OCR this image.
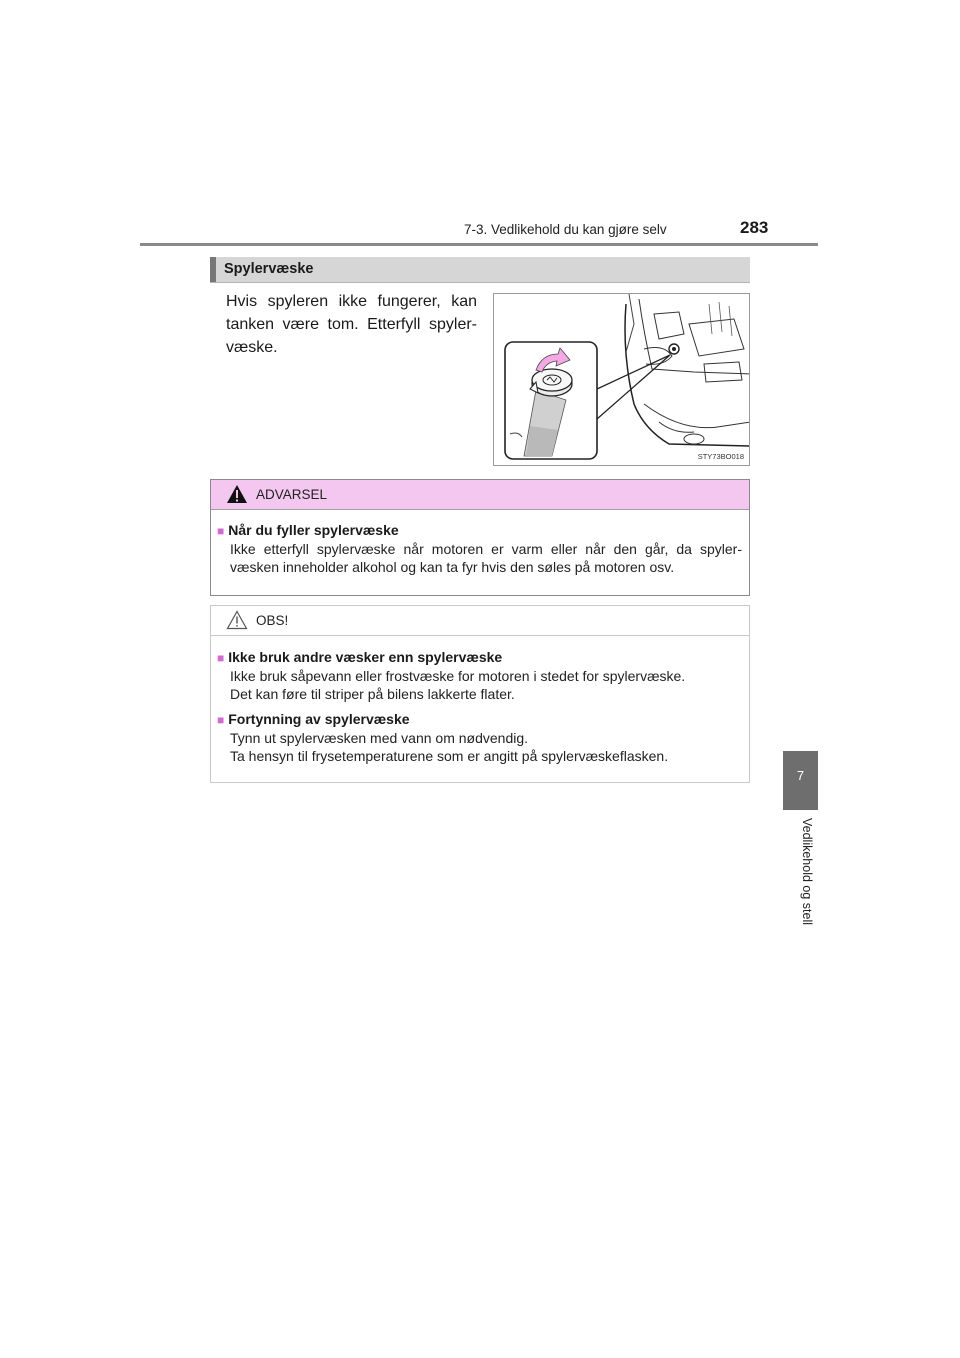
7-3. Vedlikehold du kan gjøre selv	283
7
Vedlikehold og stell
Spylervæske

Hvis spyleren ikke fungerer, kan tanken være tom. Etterfyll spyler- væske.

STY73BO018
ADVARSEL
■ Når du fyller spylervæske
Ikke etterfyll spylervæske når motoren er varm eller når den går, da spyler- væsken inneholder alkohol og kan ta fyr hvis den søles på motoren osv.
OBS!
■ Ikke bruk andre væsker enn spylervæske
Ikke bruk såpevann eller frostvæske for motoren i stedet for spylervæske.
Det kan føre til striper på bilens lakkerte flater.
■ Fortynning av spylervæske
Tynn ut spylervæsken med vann om nødvendig.
Ta hensyn til frysetemperaturene som er angitt på spylervæskeflasken.
